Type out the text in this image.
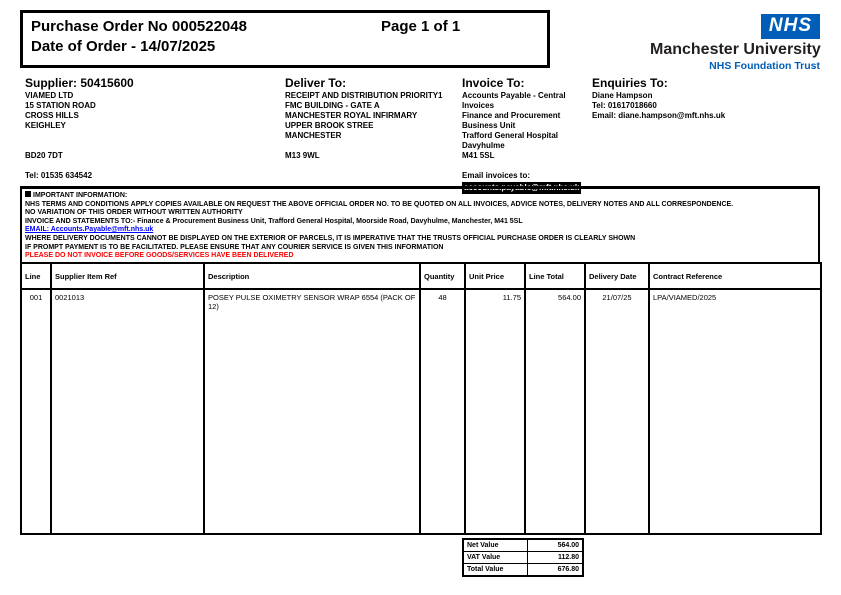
Purchase Order No 000522048	Page 1 of 1
Date of Order - 14/07/2025
NHS
Manchester University
NHS Foundation Trust
Supplier: 50415600
VIAMED LTD
15 STATION ROAD
CROSS HILLS
KEIGHLEY
BD20 7DT
Tel: 01535 634542
Deliver To:
RECEIPT AND DISTRIBUTION PRIORITY1
FMC BUILDING - GATE A
MANCHESTER ROYAL INFIRMARY
UPPER BROOK STREE
MANCHESTER
M13 9WL
Invoice To:
Accounts Payable - Central
Invoices
Finance and Procurement
Business Unit
Trafford General Hospital
Davyhulme
M41 5SL
Email invoices to:
accounts.payable@mft.nhs.uk
Enquiries To:
Diane Hampson
Tel: 01617018660
Email: diane.hampson@mft.nhs.uk
IMPORTANT INFORMATION:
NHS TERMS AND CONDITIONS APPLY COPIES AVAILABLE ON REQUEST THE ABOVE OFFICIAL ORDER NO. TO BE QUOTED ON ALL INVOICES, ADVICE NOTES, DELIVERY NOTES AND ALL CORRESPONDENCE.
NO VARIATION OF THIS ORDER WITHOUT WRITTEN AUTHORITY
INVOICE AND STATEMENTS TO:- Finance & Procurement Business Unit, Trafford General Hospital, Moorside Road, Davyhulme, Manchester, M41 5SL
EMAIL: Accounts.Payable@mft.nhs.uk
WHERE DELIVERY DOCUMENTS CANNOT BE DISPLAYED ON THE EXTERIOR OF PARCELS, IT IS IMPERATIVE THAT THE TRUSTS OFFICIAL PURCHASE ORDER IS CLEARLY SHOWN
IF PROMPT PAYMENT IS TO BE FACILITATED. PLEASE ENSURE THAT ANY COURIER SERVICE IS GIVEN THIS INFORMATION
PLEASE DO NOT INVOICE BEFORE GOODS/SERVICES HAVE BEEN DELIVERED
Line	Supplier Item Ref	Description	Quantity	Unit Price	Line Total	Delivery Date	Contract Reference
001	0021013	POSEY PULSE OXIMETRY SENSOR WRAP 6554 (PACK OF 12)	48	11.75	564.00	21/07/25	LPA/VIAMED/2025
Net Value	564.00
VAT Value	112.80
Total Value	676.80
